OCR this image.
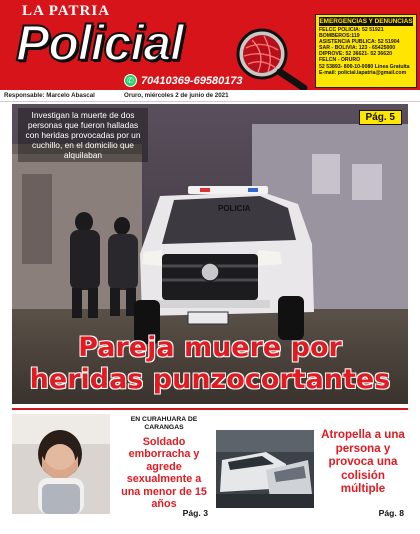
LA PATRIA
Policial
✆ 70410369-69580173
EMERGENCIAS Y DENUNCIAS
FELCC POLICÍA: 52 51921
BOMBEROS:119
ASISTENCIA PÚBLICA: 52 51904
SAR - BOLIVIA: 123 - 65425000
DIPROVE: 52 36621- 52 36620
FELCN - ORURO
52 53893- 800-10-0080 Línea Gratuita
E-mail: policial.lapatria@gmail.com
Responsable: Marcelo Abascal	Oruro, miércoles 2 de junio de 2021
POLICIA
Investigan la muerte de dos personas que fueron halladas con heridas provocadas por un cuchillo, en el domicilio que alquilaban
Pág. 5
Pareja muere por
heridas punzocortantes
EN CURAHUARA DE CARANGAS
Soldado emborracha y agrede sexualmente a una menor de 15 años
Pág. 3
Atropella a una persona y provoca una colisión múltiple
Pág. 8
